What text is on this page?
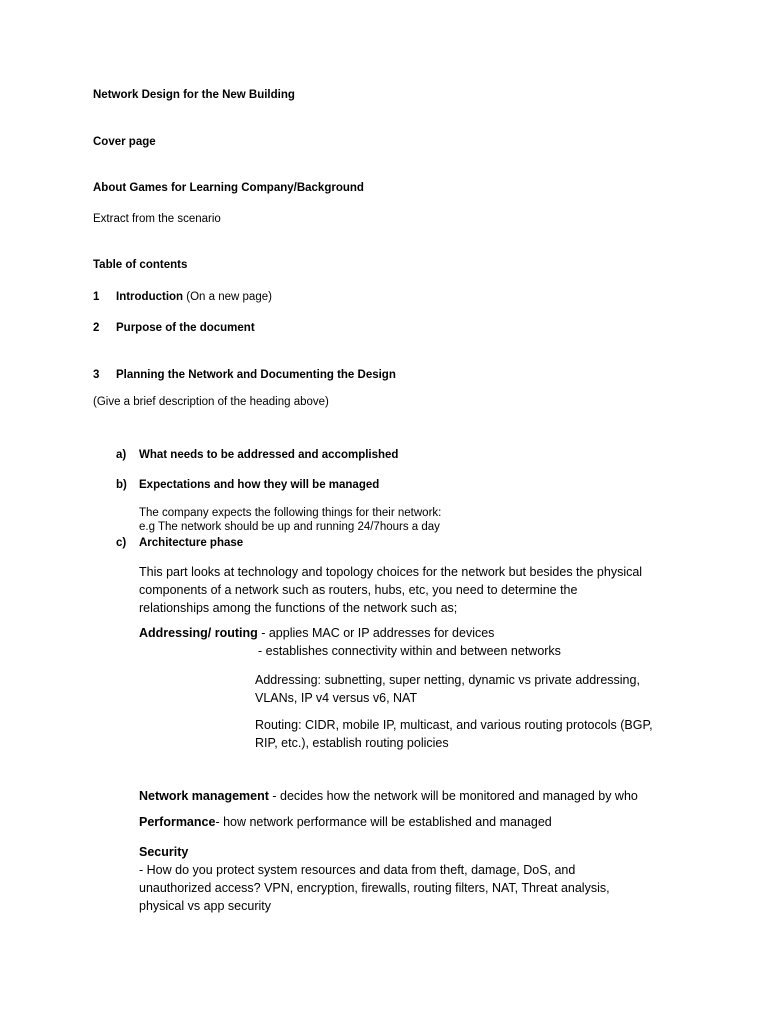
Network Design for the New Building
Cover page
About Games for Learning Company/Background
Extract from the scenario
Table of contents
1 Introduction (On a new page)
2 Purpose of the document
3 Planning the Network and Documenting the Design
(Give a brief description of the heading above)
a) What needs to be addressed and accomplished
b) Expectations and how they will be managed
The company expects the following things for their network:
e.g The network should be up and running 24/7hours a day
c) Architecture phase
This part looks at technology and topology choices for the network but besides the physical
components of a network such as routers, hubs, etc, you need to determine the
relationships among the functions of the network such as;
Addressing/ routing - applies MAC or IP addresses for devices
- establishes connectivity within and between networks
Addressing: subnetting, super netting, dynamic vs private addressing,
VLANs, IP v4 versus v6, NAT
Routing: CIDR, mobile IP, multicast, and various routing protocols (BGP,
RIP, etc.), establish routing policies
Network management - decides how the network will be monitored and managed by who
Performance- how network performance will be established and managed
Security
- How do you protect system resources and data from theft, damage, DoS, and
unauthorized access? VPN, encryption, firewalls, routing filters, NAT, Threat analysis,
physical vs app security
